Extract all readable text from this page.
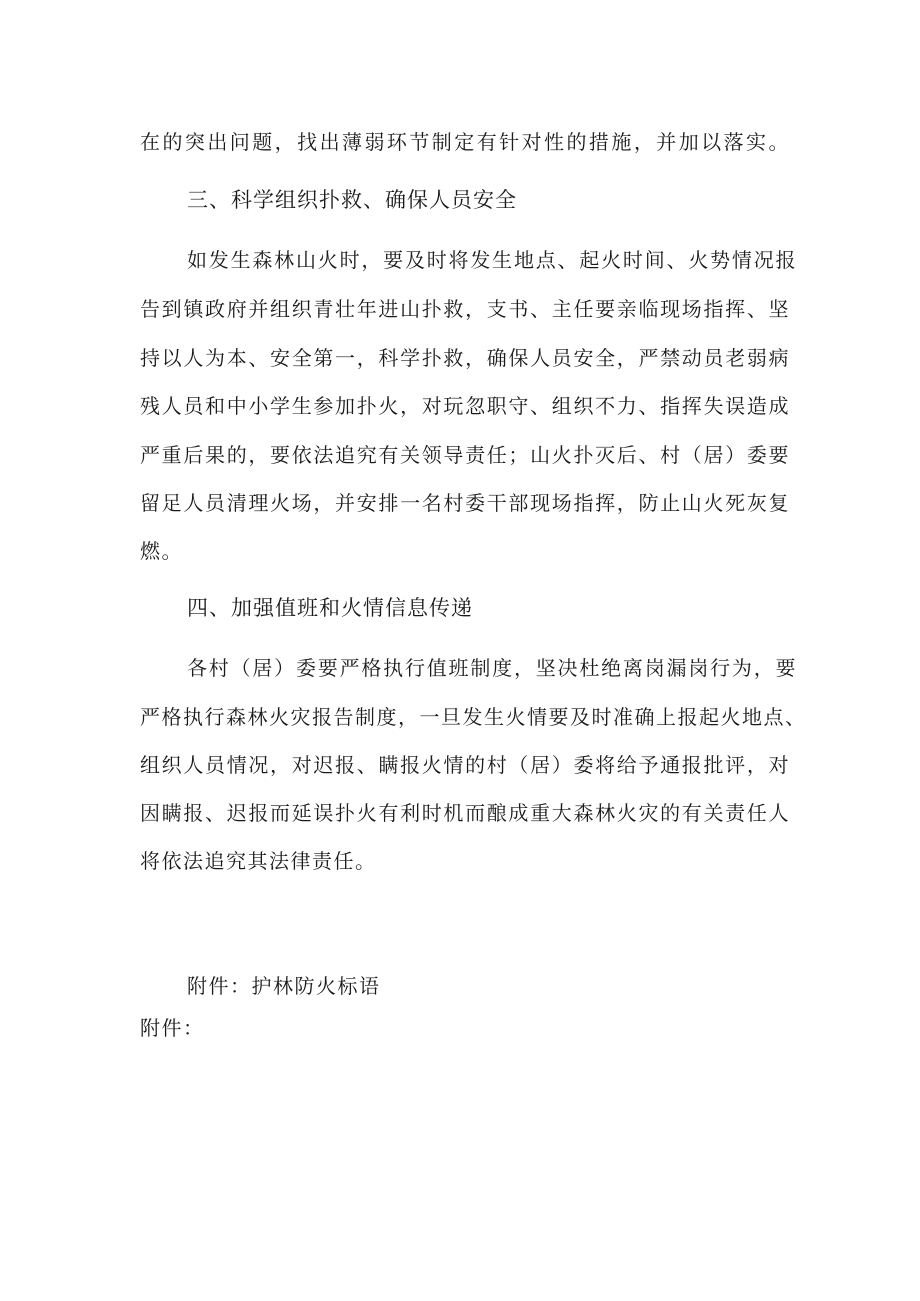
在的突出问题，找出薄弱环节制定有针对性的措施，并加以落实。
三、科学组织扑救、确保人员安全
如发生森林山火时，要及时将发生地点、起火时间、火势情况报
告到镇政府并组织青壮年进山扑救，支书、主任要亲临现场指挥、坚
持以人为本、安全第一，科学扑救，确保人员安全，严禁动员老弱病
残人员和中小学生参加扑火，对玩忽职守、组织不力、指挥失误造成
严重后果的，要依法追究有关领导责任；山火扑灭后、村（居）委要
留足人员清理火场，并安排一名村委干部现场指挥，防止山火死灰复
燃。
四、加强值班和火情信息传递
各村（居）委要严格执行值班制度，坚决杜绝离岗漏岗行为，要
严格执行森林火灾报告制度，一旦发生火情要及时准确上报起火地点、
组织人员情况，对迟报、瞒报火情的村（居）委将给予通报批评，对
因瞒报、迟报而延误扑火有利时机而酿成重大森林火灾的有关责任人
将依法追究其法律责任。
附件：护林防火标语
附件：
